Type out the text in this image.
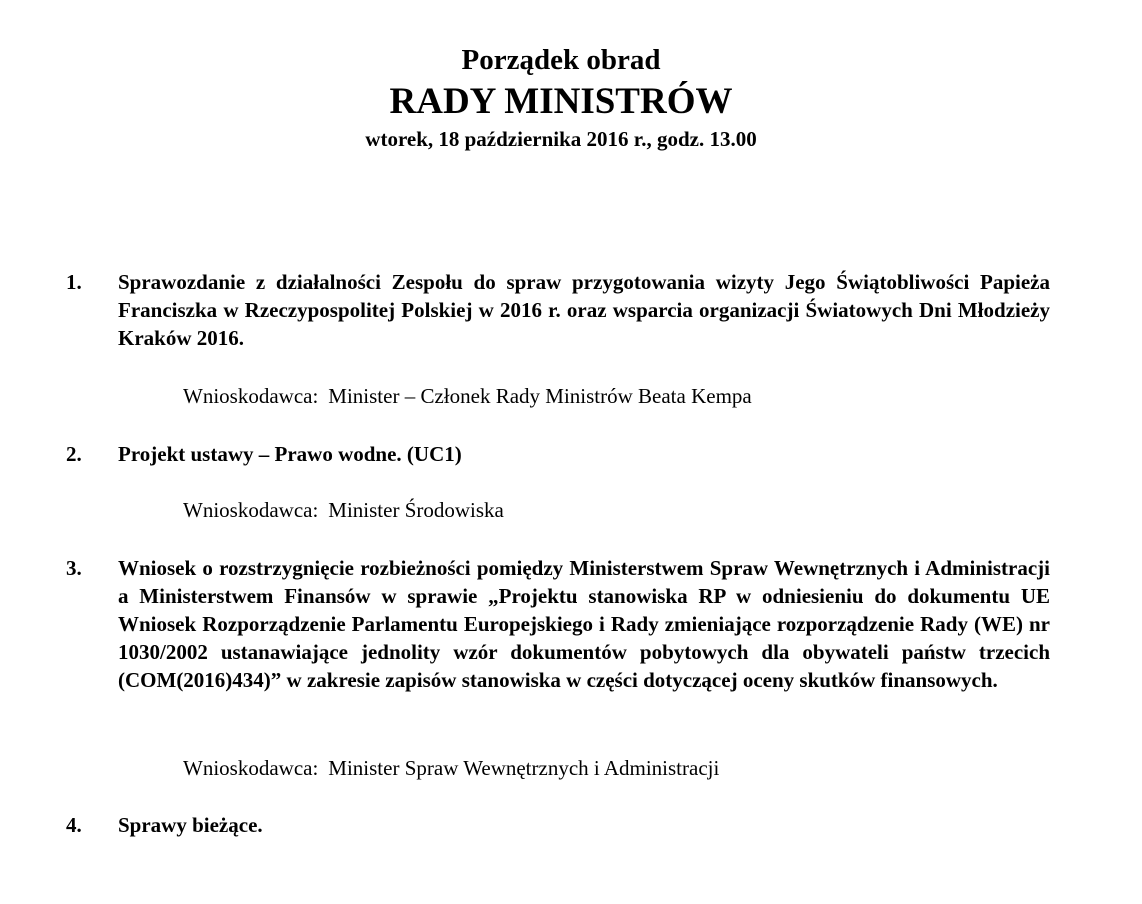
Porządek obrad
RADY MINISTRÓW
wtorek, 18 października 2016 r., godz. 13.00
1. Sprawozdanie z działalności Zespołu do spraw przygotowania wizyty Jego Świątobliwości Papieża Franciszka w Rzeczypospolitej Polskiej w 2016 r. oraz wsparcia organizacji Światowych Dni Młodzieży Kraków 2016.
Wnioskodawca: Minister – Członek Rady Ministrów Beata Kempa
2. Projekt ustawy – Prawo wodne. (UC1)
Wnioskodawca: Minister Środowiska
3. Wniosek o rozstrzygnięcie rozbieżności pomiędzy Ministerstwem Spraw Wewnętrznych i Administracji a Ministerstwem Finansów w sprawie „Projektu stanowiska RP w odniesieniu do dokumentu UE Wniosek Rozporządzenie Parlamentu Europejskiego i Rady zmieniające rozporządzenie Rady (WE) nr 1030/2002 ustanawiające jednolity wzór dokumentów pobytowych dla obywateli państw trzecich (COM(2016)434)” w zakresie zapisów stanowiska w części dotyczącej oceny skutków finansowych.
Wnioskodawca: Minister Spraw Wewnętrznych i Administracji
4. Sprawy bieżące.
